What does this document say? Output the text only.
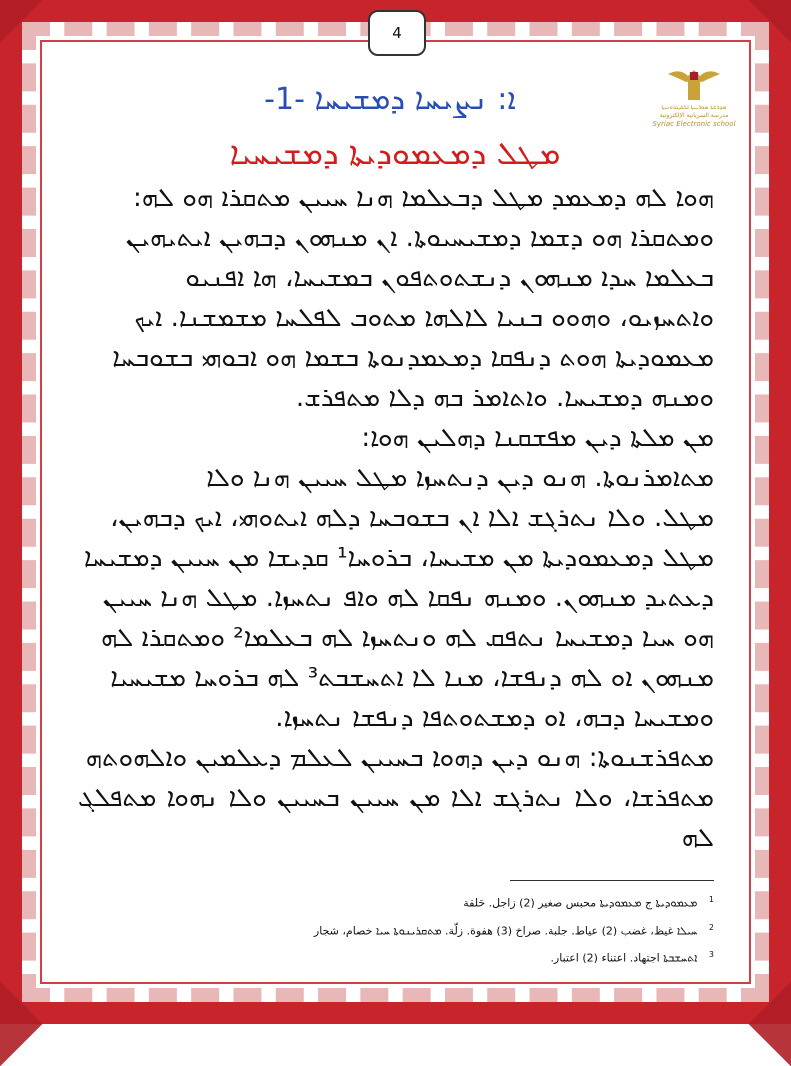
4
ܡܕܪܫܬܐ ܣܘܪܝܝܬܐ ܐܠܩܛܪܘܢܝܬܐ
مدرسة السريانية الإلكترونية
Syriac Electronic school
-1- ܐ: ܢܨܝܚܐ ܕܡܫܝܚܐ
ܡܛܠ ܕܡܥܡܘܕܝܬܐ ܕܡܫܝܚܝܐ

ܗܘܐ ܠܗ ܕܡܥܡܕ ܡܛܠ ܕܒܥܠܡܐ ܗܢܐ ܚܝܝܢ ܡܬܩܪܐ ܗܘ ܠܗ:

ܘܡܬܩܪܐ ܗܘ ܕܫܡܐ ܕܡܫܝܚܝܘܬܐ. ܐܢ ܡܢܗܘܢ ܕܒܗܝܢ ܐܝܬܝܗܝܢ

ܒܥܠܡܐ ܚܕܐ ܡܢܗܘܢ ܕܢܫܬܘܬܦܘܢ ܒܡܫܝܚܐ، ܗܐ ܐܦܢܝܘ

ܘܐܬܚܙܝܘ، ܘܗܘܘ ܒܢܝܐ ܠܐܠܗܐ ܡܬܘܒ ܠܦܠܚܐ ܡܫܡܫܢܐ. ܐܝܟ

ܡܥܡܘܕܝܬܐ ܗܘܬ ܕܢܦܩܐ ܕܡܥܡܕܢܘܬܐ ܒܫܡܐ ܗܘ ܐܒܘܗܝ ܒܫܘܒܚܐ

ܘܡܢܗ ܕܡܫܝܚܐ. ܘܐܬܐܡܪ ܒܗ ܕܠܐ ܡܬܦܪܫ.

ܡܢ ܡܠܬܐ ܕܝܢ ܡܦܫܩܢܐ ܕܗܠܝܢ ܗܘܐ:

ܡܬܐܡܪܢܘܬܐ. ܗܢܘ ܕܝܢ ܕܢܬܚܙܐ ܡܛܠ ܚܝܝܢ ܗܢܐ ܘܠܐ

ܡܛܠ. ܘܠܐ ܢܬܪܓܫ ܐܠܐ ܐܢ ܒܫܘܒܚܐ ܕܠܗ ܐܝܬܘܗܝ، ܐܝܟ ܕܒܗܝܢ،

ܡܛܠ ܕܡܥܡܘܕܝܬܐ ܡܢ ܡܫܝܚܐ، ܒܪܘܚܐ¹ ܩܕܝܫܐ ܡܢ ܚܝܝܢ ܕܡܫܝܚܐ

ܕܥܬܝܕ ܡܢܗܘܢ. ܘܡܢܗ ܢܦܩܐ ܠܗ ܘܐܦ ܢܬܚܙܐ. ܡܛܠ ܗܢܐ ܚܝܝܢ

ܗܘ ܚܝܐ ܕܡܫܝܚܐ ܢܬܦܩ ܠܗ ܘܢܬܚܙܐ ܠܗ ܒܥܠܡܐ² ܘܡܬܩܪܐ ܠܗ

ܡܢܗܘܢ ܐܘ ܠܗ ܕܢܦܫܐ، ܡܢܐ ܠܐ ܐܬܚܫܒܬ³ ܠܗ ܒܪܘܚܐ ܡܫܝܚܝܐ

ܘܡܫܝܚܐ ܕܒܗ، ܐܘ ܕܡܫܬܘܬܦܐ ܕܢܦܫܐ ܢܬܚܙܐ.

ܡܬܦܪܫܢܘܬܐ: ܗܢܘ ܕܝܢ ܕܗܘܐ ܒܚܝܝܢ ܠܥܠܡ ܕܥܠܡܝܢ ܘܐܠܗܘܬܗ

ܡܬܦܪܫܐ، ܘܠܐ ܢܬܪܓܫ ܐܠܐ ܡܢ ܚܝܝܢ ܒܚܝܝܢ ܘܠܐ ܢܗܘܐ ܡܬܦܠܓ ܠܗ

$^1$ ܡܥܡܘܕܝܬܐ ج ܡܥܡܘܕܝܬܐ محبس صغير (2) زاجل. حَلقة
$^2$ ܚܝܠܐ غيظ، غضب (2) عياط. جلبة. صراخ (3) هفوة. زلّة. ܡܬܩܪܝܢܘܬܐ ܚܝܐ خصام، شجار
$^3$ ܐܬܚܫܒܬܐ اجتهاد. اعتناء (2) اعتبار.
